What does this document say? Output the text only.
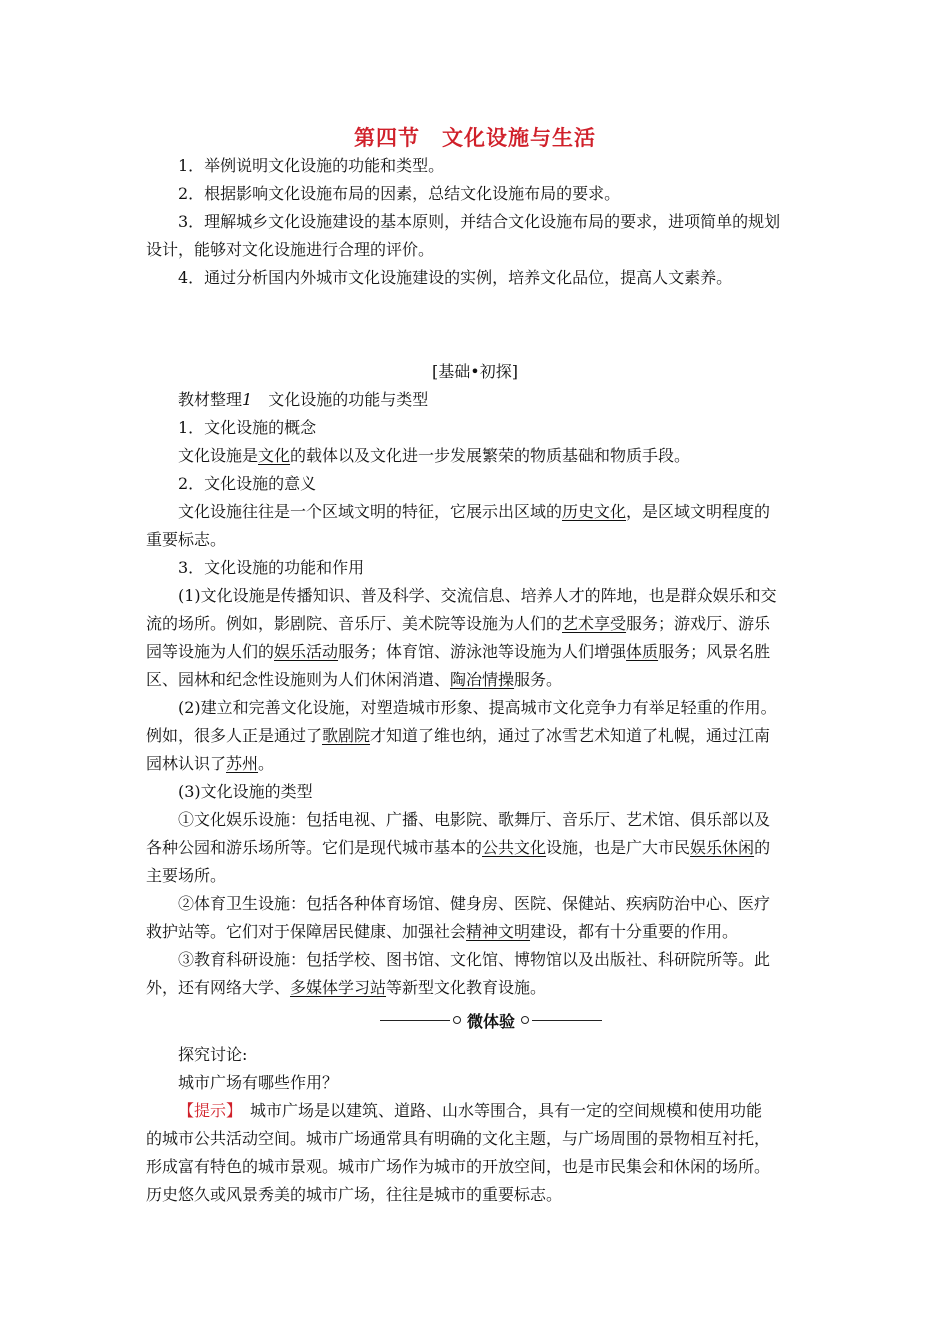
第四节　文化设施与生活
1．举例说明文化设施的功能和类型。
2．根据影响文化设施布局的因素，总结文化设施布局的要求。
3．理解城乡文化设施建设的基本原则，并结合文化设施布局的要求，进项简单的规划
设计，能够对文化设施进行合理的评价。
4．通过分析国内外城市文化设施建设的实例，培养文化品位，提高人文素养。
[基础•初探]
教材整理1　 文化设施的功能与类型
1．文化设施的概念
文化设施是文化的载体以及文化进一步发展繁荣的物质基础和物质手段。
2．文化设施的意义
文化设施往往是一个区域文明的特征，它展示出区域的历史文化，是区域文明程度的
重要标志。
3．文化设施的功能和作用
(1)文化设施是传播知识、普及科学、交流信息、培养人才的阵地，也是群众娱乐和交
流的场所。例如，影剧院、音乐厅、美术院等设施为人们的艺术享受服务；游戏厅、游乐
园等设施为人们的娱乐活动服务；体育馆、游泳池等设施为人们增强体质服务；风景名胜
区、园林和纪念性设施则为人们休闲消遣、陶冶情操服务。
(2)建立和完善文化设施，对塑造城市形象、提高城市文化竞争力有举足轻重的作用。
例如，很多人正是通过了歌剧院才知道了维也纳，通过了冰雪艺术知道了札幌，通过江南
园林认识了苏州。
(3)文化设施的类型
①文化娱乐设施：包括电视、广播、电影院、歌舞厅、音乐厅、艺术馆、俱乐部以及
各种公园和游乐场所等。它们是现代城市基本的公共文化设施，也是广大市民娱乐休闲的
主要场所。
②体育卫生设施：包括各种体育场馆、健身房、医院、保健站、疾病防治中心、医疗
救护站等。它们对于保障居民健康、加强社会精神文明建设，都有十分重要的作用。
③教育科研设施：包括学校、图书馆、文化馆、博物馆以及出版社、科研院所等。此
外，还有网络大学、多媒体学习站等新型文化教育设施。
微体验
探究讨论:
城市广场有哪些作用？
【提示】　城市广场是以建筑、道路、山水等围合，具有一定的空间规模和使用功能
的城市公共活动空间。城市广场通常具有明确的文化主题，与广场周围的景物相互衬托，
形成富有特色的城市景观。城市广场作为城市的开放空间，也是市民集会和休闲的场所。
历史悠久或风景秀美的城市广场，往往是城市的重要标志。
